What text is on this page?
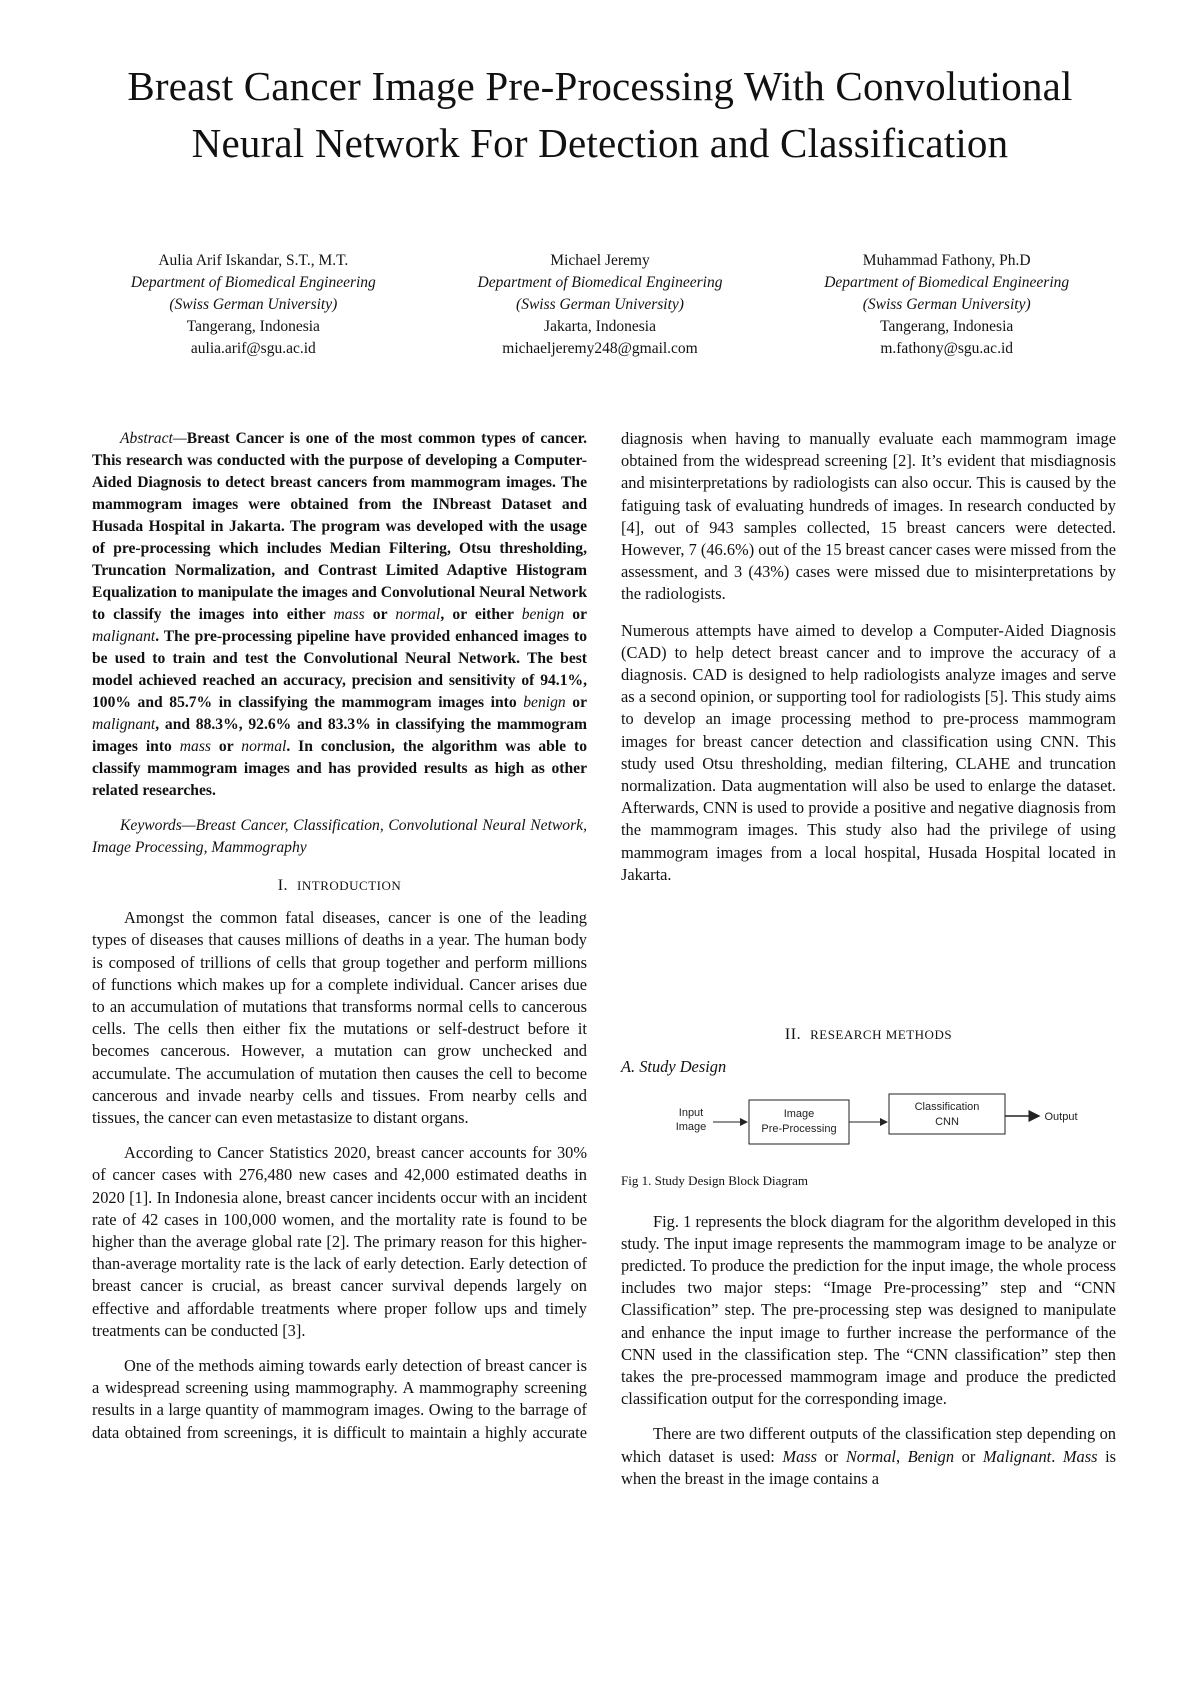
Breast Cancer Image Pre-Processing With Convolutional Neural Network For Detection and Classification
Aulia Arif Iskandar, S.T., M.T.
Department of Biomedical Engineering
(Swiss German University)
Tangerang, Indonesia
aulia.arif@sgu.ac.id
Michael Jeremy
Department of Biomedical Engineering
(Swiss German University)
Jakarta, Indonesia
michaeljeremy248@gmail.com
Muhammad Fathony, Ph.D
Department of Biomedical Engineering
(Swiss German University)
Tangerang, Indonesia
m.fathony@sgu.ac.id

Abstract—Breast Cancer is one of the most common types of cancer. This research was conducted with the purpose of developing a Computer-Aided Diagnosis to detect breast cancers from mammogram images. The mammogram images were obtained from the INbreast Dataset and Husada Hospital in Jakarta. The program was developed with the usage of pre-processing which includes Median Filtering, Otsu thresholding, Truncation Normalization, and Contrast Limited Adaptive Histogram Equalization to manipulate the images and Convolutional Neural Network to classify the images into either mass or normal, or either benign or malignant. The pre-processing pipeline have provided enhanced images to be used to train and test the Convolutional Neural Network. The best model achieved reached an accuracy, precision and sensitivity of 94.1%, 100% and 85.7% in classifying the mammogram images into benign or malignant, and 88.3%, 92.6% and 83.3% in classifying the mammogram images into mass or normal. In conclusion, the algorithm was able to classify mammogram images and has provided results as high as other related researches.

Keywords—Breast Cancer, Classification, Convolutional Neural Network, Image Processing, Mammography

I. INTRODUCTION

Amongst the common fatal diseases, cancer is one of the leading types of diseases that causes millions of deaths in a year. The human body is composed of trillions of cells that group together and perform millions of functions which makes up for a complete individual. Cancer arises due to an accumulation of mutations that transforms normal cells to cancerous cells. The cells then either fix the mutations or self-destruct before it becomes cancerous. However, a mutation can grow unchecked and accumulate. The accumulation of mutation then causes the cell to become cancerous and invade nearby cells and tissues. From nearby cells and tissues, the cancer can even metastasize to distant organs.

According to Cancer Statistics 2020, breast cancer accounts for 30% of cancer cases with 276,480 new cases and 42,000 estimated deaths in 2020 [1]. In Indonesia alone, breast cancer incidents occur with an incident rate of 42 cases in 100,000 women, and the mortality rate is found to be higher than the average global rate [2]. The primary reason for this higher-than-average mortality rate is the lack of early detection. Early detection of breast cancer is crucial, as breast cancer survival depends largely on effective and affordable treatments where proper follow ups and timely treatments can be conducted [3].

One of the methods aiming towards early detection of breast cancer is a widespread screening using mammography. A mammography screening results in a large quantity of mammogram images. Owing to the barrage of data obtained from screenings, it is difficult to maintain a highly accurate

Numerous attempts have aimed to develop a Computer-Aided Diagnosis (CAD) to help detect breast cancer and to improve the accuracy of a diagnosis. CAD is designed to help radiologists analyze images and serve as a second opinion, or supporting tool for radiologists [5]. This study aims to develop an image processing method to pre-process mammogram images for breast cancer detection and classification using CNN. This study used Otsu thresholding, median filtering, CLAHE and truncation normalization. Data augmentation will also be used to enlarge the dataset. Afterwards, CNN is used to provide a positive and negative diagnosis from the mammogram images. This study also had the privilege of using mammogram images from a local hospital, Husada Hospital located in Jakarta.

diagnosis when having to manually evaluate each mammogram image obtained from the widespread screening [2]. It’s evident that misdiagnosis and misinterpretations by radiologists can also occur. This is caused by the fatiguing task of evaluating hundreds of images. In research conducted by [4], out of 943 samples collected, 15 breast cancers were detected. However, 7 (46.6%) out of the 15 breast cancer cases were missed from the assessment, and 3 (43%) cases were missed due to misinterpretations by the radiologists.

II. RESEARCH METHODS

A. Study Design

Input
Image
Image
Pre-Processing
Classification
CNN	Output

Fig 1. Study Design Block Diagram

Fig. 1 represents the block diagram for the algorithm developed in this study. The input image represents the mammogram image to be analyze or predicted. To produce the prediction for the input image, the whole process includes two major steps: “Image Pre-processing” step and “CNN Classification” step. The pre-processing step was designed to manipulate and enhance the input image to further increase the performance of the CNN used in the classification step. The “CNN classification” step then takes the pre-processed mammogram image and produce the predicted classification output for the corresponding image.

There are two different outputs of the classification step depending on which dataset is used: Mass or Normal, Benign or Malignant. Mass is when the breast in the image contains a
